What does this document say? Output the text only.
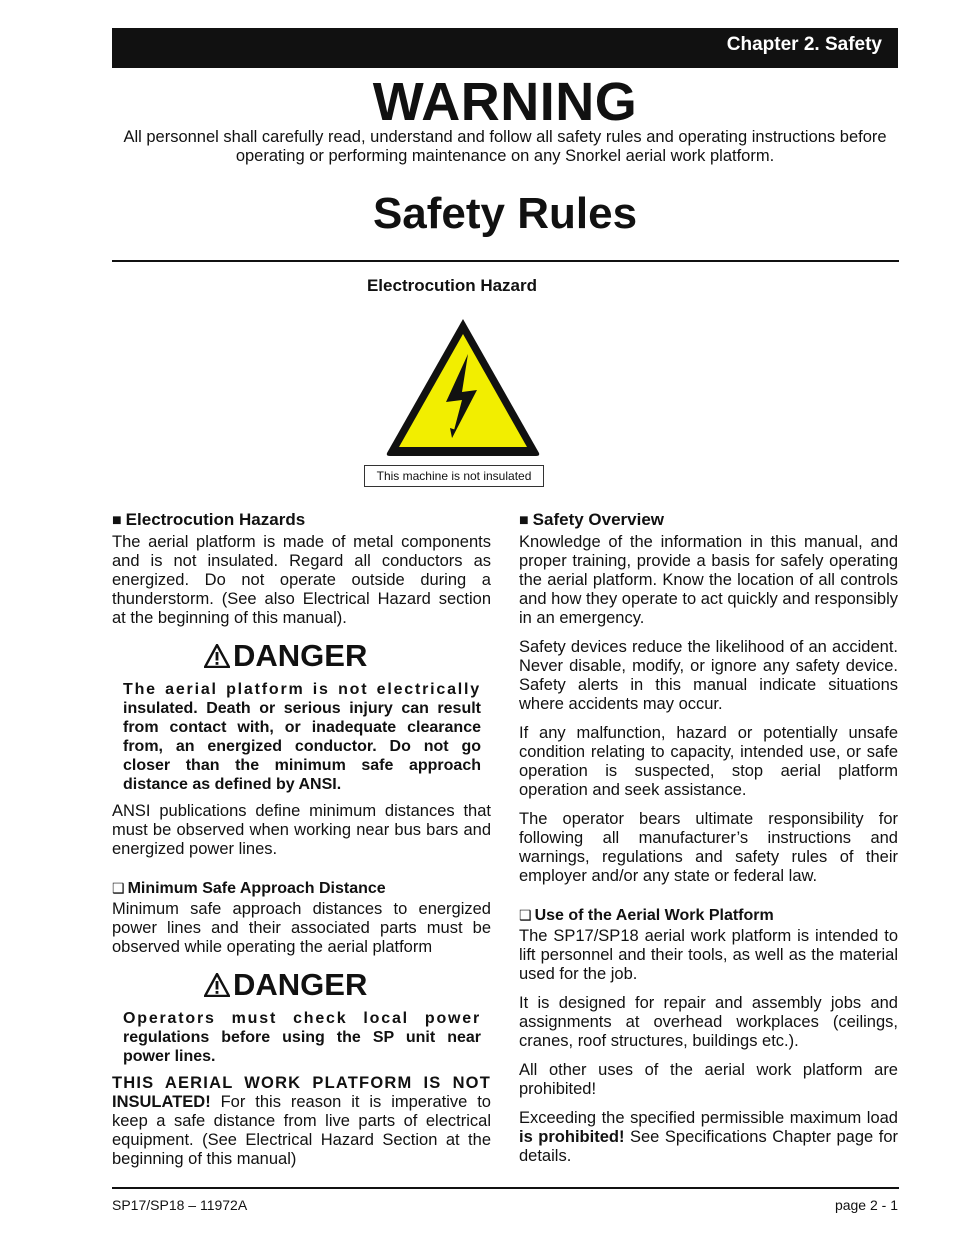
Chapter 2. Safety
WARNING
All personnel shall carefully read, understand and follow all safety rules and operating instructions before operating or performing maintenance on any Snorkel aerial work platform.
Safety Rules
Electrocution Hazard
This machine is not insulated
■ Electrocution Hazards

The aerial platform is made of metal components and is not insulated. Regard all conductors as energized. Do not operate outside during a thunderstorm. (See also Electrical Hazard section at the beginning of this manual).

DANGER
The aerial platform is not electrically insulated. Death or serious injury can result from contact with, or inadequate clearance from, an energized conductor. Do not go closer than the minimum safe approach distance as defined by ANSI.

ANSI publications define minimum distances that must be observed when working near bus bars and energized power lines.

❑ Minimum Safe Approach Distance

Minimum safe approach distances to energized power lines and their associated parts must be observed while operating the aerial platform

DANGER
Operators must check local power regulations before using the SP unit near power lines.

THIS AERIAL WORK PLATFORM IS NOT INSULATED! For this reason it is imperative to keep a safe distance from live parts of electrical equipment. (See Electrical Hazard Section at the beginning of this manual)

■ Safety Overview

Knowledge of the information in this manual, and proper training, provide a basis for safely operating the aerial platform. Know the location of all controls and how they operate to act quickly and responsibly in an emergency.

Safety devices reduce the likelihood of an accident. Never disable, modify, or ignore any safety device. Safety alerts in this manual indicate situations where accidents may occur.

If any malfunction, hazard or potentially unsafe condition relating to capacity, intended use, or safe operation is suspected, stop aerial platform operation and seek assistance.

The operator bears ultimate responsibility for following all manufacturer’s instructions and warnings, regulations and safety rules of their employer and/or any state or federal law.

❑ Use of the Aerial Work Platform

The SP17/SP18 aerial work platform is intended to lift personnel and their tools, as well as the material used for the job.

It is designed for repair and assembly jobs and assignments at overhead workplaces (ceilings, cranes, roof structures, buildings etc.).

All other uses of the aerial work platform are prohibited!

Exceeding the specified permissible maximum load is prohibited! See Specifications Chapter page for details.

SP17/SP18 – 11972A	page 2 - 1
